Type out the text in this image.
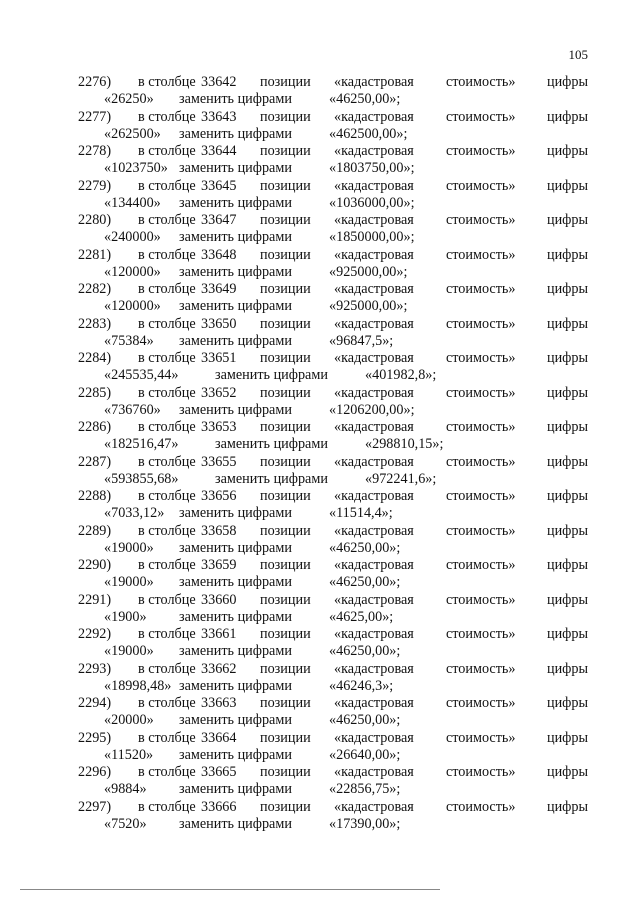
105
2276) в столбце 33642 позиции «кадастровая стоимость» цифры
«26250» заменить цифрами	«46250,00»;
2277) в столбце 33643 позиции «кадастровая стоимость» цифры
«262500» заменить цифрами	«462500,00»;
2278) в столбце 33644 позиции «кадастровая стоимость» цифры
«1023750» заменить цифрами	«1803750,00»;
2279) в столбце 33645 позиции «кадастровая стоимость» цифры
«134400» заменить цифрами	«1036000,00»;
2280) в столбце 33647 позиции «кадастровая стоимость» цифры
«240000» заменить цифрами	«1850000,00»;
2281) в столбце 33648 позиции «кадастровая стоимость» цифры
«120000» заменить цифрами	«925000,00»;
2282) в столбце 33649 позиции «кадастровая стоимость» цифры
«120000» заменить цифрами	«925000,00»;
2283) в столбце 33650 позиции «кадастровая стоимость» цифры
«75384» заменить цифрами	«96847,5»;
2284) в столбце 33651 позиции «кадастровая стоимость» цифры
«245535,44»	заменить цифрами	«401982,8»;
2285) в столбце 33652 позиции «кадастровая стоимость» цифры
«736760» заменить цифрами	«1206200,00»;
2286) в столбце 33653 позиции «кадастровая стоимость» цифры
«182516,47»	заменить цифрами	«298810,15»;
2287) в столбце 33655 позиции «кадастровая стоимость» цифры
«593855,68»	заменить цифрами	«972241,6»;
2288) в столбце 33656 позиции «кадастровая стоимость» цифры
«7033,12» заменить цифрами	«11514,4»;
2289) в столбце 33658 позиции «кадастровая стоимость» цифры
«19000» заменить цифрами	«46250,00»;
2290) в столбце 33659 позиции «кадастровая стоимость» цифры
«19000» заменить цифрами	«46250,00»;
2291) в столбце 33660 позиции «кадастровая стоимость» цифры
«1900» заменить цифрами	«4625,00»;
2292) в столбце 33661 позиции «кадастровая стоимость» цифры
«19000» заменить цифрами	«46250,00»;
2293) в столбце 33662 позиции «кадастровая стоимость» цифры
«18998,48» заменить цифрами	«46246,3»;
2294) в столбце 33663 позиции «кадастровая стоимость» цифры
«20000» заменить цифрами	«46250,00»;
2295) в столбце 33664 позиции «кадастровая стоимость» цифры
«11520» заменить цифрами	«26640,00»;
2296) в столбце 33665 позиции «кадастровая стоимость» цифры
«9884» заменить цифрами	«22856,75»;
2297) в столбце 33666 позиции «кадастровая стоимость» цифры
«7520» заменить цифрами	«17390,00»;
